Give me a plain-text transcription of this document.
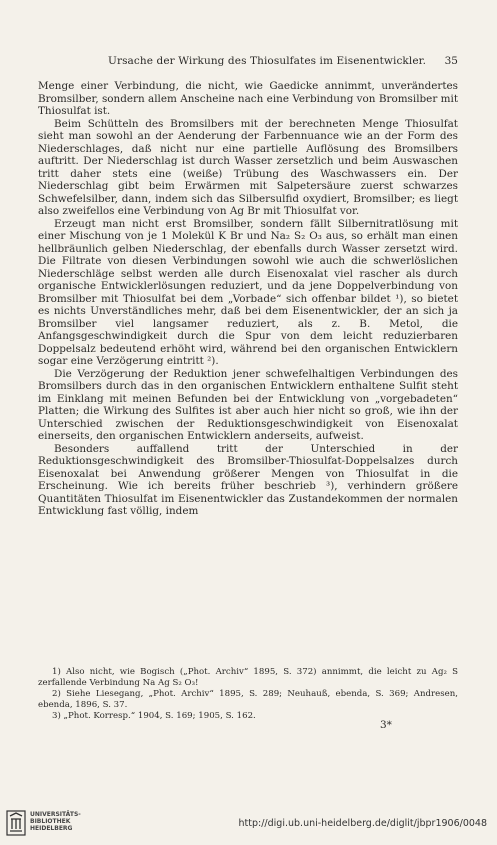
Ursache der Wirkung des Thiosulfates im Eisenentwickler. 35

Menge einer Verbindung, die nicht, wie Gaedicke annimmt, unverändertes Bromsilber, sondern allem Anscheine nach eine Verbindung von Bromsilber mit Thiosulfat ist.

Beim Schütteln des Bromsilbers mit der berechneten Menge Thiosulfat sieht man sowohl an der Aenderung der Farbennuance wie an der Form des Niederschlages, daß nicht nur eine partielle Auflösung des Bromsilbers auftritt. Der Niederschlag ist durch Wasser zersetzlich und beim Auswaschen tritt daher stets eine (weiße) Trübung des Waschwassers ein. Der Niederschlag gibt beim Erwärmen mit Salpetersäure zuerst schwarzes Schwefelsilber, dann, indem sich das Silbersulfid oxydiert, Bromsilber; es liegt also zweifellos eine Verbindung von Ag Br mit Thiosulfat vor.

Erzeugt man nicht erst Bromsilber, sondern fällt Silbernitratlösung mit einer Mischung von je 1 Molekül K Br und Na₂ S₂ O₃ aus, so erhält man einen hellbräunlich gelben Niederschlag, der ebenfalls durch Wasser zersetzt wird. Die Filtrate von diesen Verbindungen sowohl wie auch die schwerlöslichen Niederschläge selbst werden alle durch Eisenoxalat viel rascher als durch organische Entwicklerlösungen reduziert, und da jene Doppelverbindung von Bromsilber mit Thiosulfat bei dem „Vorbade“ sich offenbar bildet ¹), so bietet es nichts Unverständliches mehr, daß bei dem Eisenentwickler, der an sich ja Bromsilber viel langsamer reduziert, als z. B. Metol, die Anfangsgeschwindigkeit durch die Spur von dem leicht reduzierbaren Doppelsalz bedeutend erhöht wird, während bei den organischen Entwicklern sogar eine Verzögerung eintritt ²).

Die Verzögerung der Reduktion jener schwefelhaltigen Verbindungen des Bromsilbers durch das in den organischen Entwicklern enthaltene Sulfit steht im Einklang mit meinen Befunden bei der Entwicklung von „vorgebadeten“ Platten; die Wirkung des Sulfites ist aber auch hier nicht so groß, wie ihn der Unterschied zwischen der Reduktionsgeschwindigkeit von Eisenoxalat einerseits, den organischen Entwicklern anderseits, aufweist.

Besonders auffallend tritt der Unterschied in der Reduktionsgeschwindigkeit des Bromsilber-Thiosulfat-Doppelsalzes durch Eisenoxalat bei Anwendung größerer Mengen von Thiosulfat in die Erscheinung. Wie ich bereits früher beschrieb ³), verhindern größere Quantitäten Thiosulfat im Eisenentwickler das Zustandekommen der normalen Entwicklung fast völlig, indem

1) Also nicht, wie Bogisch („Phot. Archiv“ 1895, S. 372) annimmt, die leicht zu Ag₂ S zerfallende Verbindung Na Ag S₂ O₃!

2) Siehe Liesegang, „Phot. Archiv“ 1895, S. 289; Neuhauß, ebenda, S. 369; Andresen, ebenda, 1896, S. 37.

3) „Phot. Korresp.“ 1904, S. 169; 1905, S. 162.

3*
UNIVERSITÄTS-
BIBLIOTHEK
HEIDELBERG	http://digi.ub.uni-heidelberg.de/diglit/jbpr1906/0048
